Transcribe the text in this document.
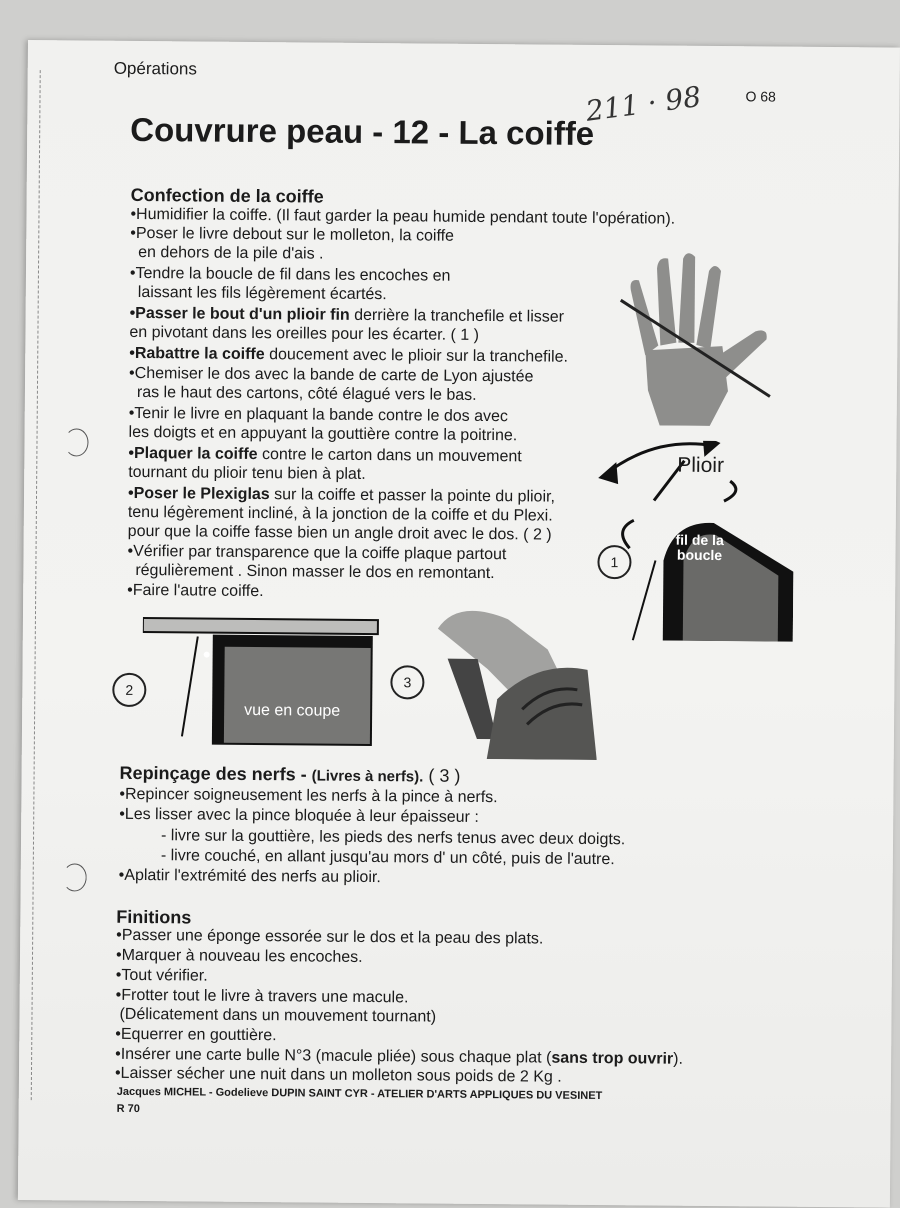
Opérations
211 · 98	O 68
Couvrure peau - 12 - La coiffe
Confection de la coiffe
•Humidifier la coiffe. (Il faut garder la peau humide pendant toute l'opération).
•Poser le livre debout sur le molleton, la coiffe
en dehors de la pile d'ais .
•Tendre la boucle de fil dans les encoches en
laissant les fils légèrement écartés.
•Passer le bout d'un plioir fin derrière la tranchefile et lisser
en pivotant dans les oreilles pour les écarter. ( 1 )
•Rabattre la coiffe doucement avec le plioir sur la tranchefile.
•Chemiser le dos avec la bande de carte de Lyon ajustée
ras le haut des cartons, côté élagué vers le bas.
•Tenir le livre en plaquant la bande contre le dos avec
les doigts et en appuyant la gouttière contre la poitrine.
•Plaquer la coiffe contre le carton dans un mouvement
tournant du plioir tenu bien à plat.
•Poser le Plexiglas sur la coiffe et passer la pointe du plioir,
tenu légèrement incliné, à la jonction de la coiffe et du Plexi.
pour que la coiffe fasse bien un angle droit avec le dos. ( 2 )
•Vérifier par transparence que la coiffe plaque partout
régulièrement . Sinon masser le dos en remontant.
•Faire l'autre coiffe.
Plioir
fil de la boucle
1
vue en coupe
2	3
Repinçage des nerfs - (Livres à nerfs). ( 3 )
•Repincer soigneusement les nerfs à la pince à nerfs.
•Les lisser avec la pince bloquée à leur épaisseur :
- livre sur la gouttière, les pieds des nerfs tenus avec deux doigts.
- livre couché, en allant jusqu'au mors d' un côté, puis de l'autre.
•Aplatir l'extrémité des nerfs au plioir.
Finitions
•Passer une éponge essorée sur le dos et la peau des plats.
•Marquer à nouveau les encoches.
•Tout vérifier.
•Frotter tout le livre à travers une macule.
(Délicatement dans un mouvement tournant)
•Equerrer en gouttière.
•Insérer une carte bulle N°3 (macule pliée) sous chaque plat (sans trop ouvrir).
•Laisser sécher une nuit dans un molleton sous poids de 2 Kg .
Jacques MICHEL - Godelieve DUPIN SAINT CYR - ATELIER D'ARTS APPLIQUES DU VESINET
R 70
